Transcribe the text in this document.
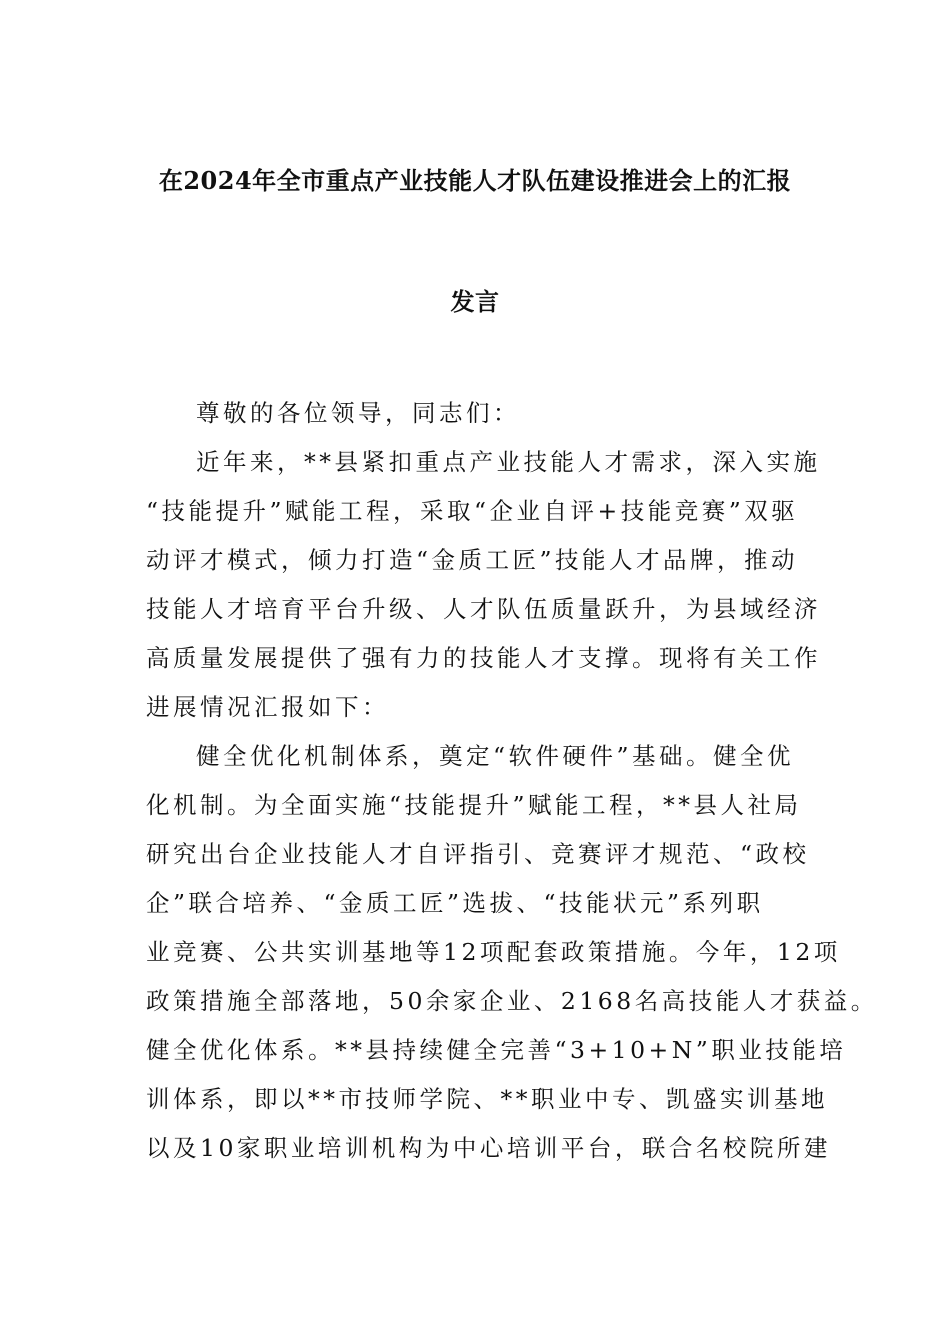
在2024年全市重点产业技能人才队伍建设推进会上的汇报
发言
尊敬的各位领导，同志们：
近年来，**县紧扣重点产业技能人才需求，深入实施
“技能提升”赋能工程，采取“企业自评+技能竞赛”双驱
动评才模式，倾力打造“金质工匠”技能人才品牌，推动
技能人才培育平台升级、人才队伍质量跃升，为县域经济
高质量发展提供了强有力的技能人才支撑。现将有关工作
进展情况汇报如下：
健全优化机制体系，奠定“软件硬件”基础。健全优
化机制。为全面实施“技能提升”赋能工程，**县人社局
研究出台企业技能人才自评指引、竞赛评才规范、“政校
企”联合培养、“金质工匠”选拔、“技能状元”系列职
业竞赛、公共实训基地等12项配套政策措施。今年，12项
政策措施全部落地，50余家企业、2168名高技能人才获益。
健全优化体系。**县持续健全完善“3+10+N”职业技能培
训体系，即以**市技师学院、**职业中专、凯盛实训基地
以及10家职业培训机构为中心培训平台，联合名校院所建
